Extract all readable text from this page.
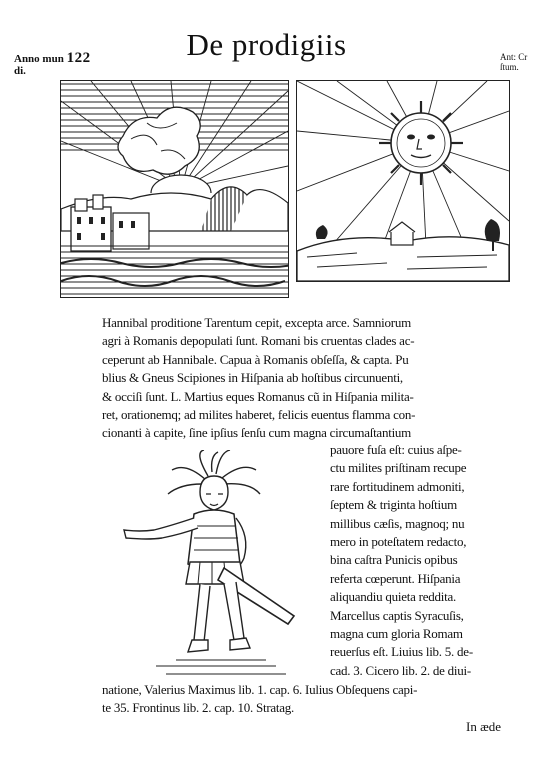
Anno mun 122
di.
De prodigiis	Ant: Cr
ſtum.
Hannibal proditione Tarentum cepit, excepta arce. Samniorum
agri à Romanis depopulati ſunt. Romani bis cruentas clades ac-
ceperunt ab Hannibale. Capua à Romanis obſeſſa, & capta. Pu
blius & Gneus Scipiones in Hiſpania ab hoſtibus circunuenti,
& occiſi ſunt. L. Martius eques Romanus cũ in Hiſpania milita-
ret, orationemq; ad milites haberet, felicis euentus flamma con-
cionanti à capite, ſine ipſius ſenſu cum magna circumaſtantium
pauore fuſa eſt: cuius aſpe-
ctu milites priſtinam recupe
rare fortitudinem admoniti,
ſeptem & triginta hoſtium
millibus cæſis, magnoq; nu
mero in poteſtatem redacto,
bina caſtra Punicis opibus
referta cœperunt. Hiſpania
aliquandiu quieta reddita.
Marcellus captis Syracuſis,
magna cum gloria Romam
reuerſus eſt. Liuius lib. 5. de-
cad. 3. Cicero lib. 2. de diui-
natione, Valerius Maximus lib. 1. cap. 6. Iulius Obſequens capi-
te 35. Frontinus lib. 2. cap. 10. Stratag.
In æde
